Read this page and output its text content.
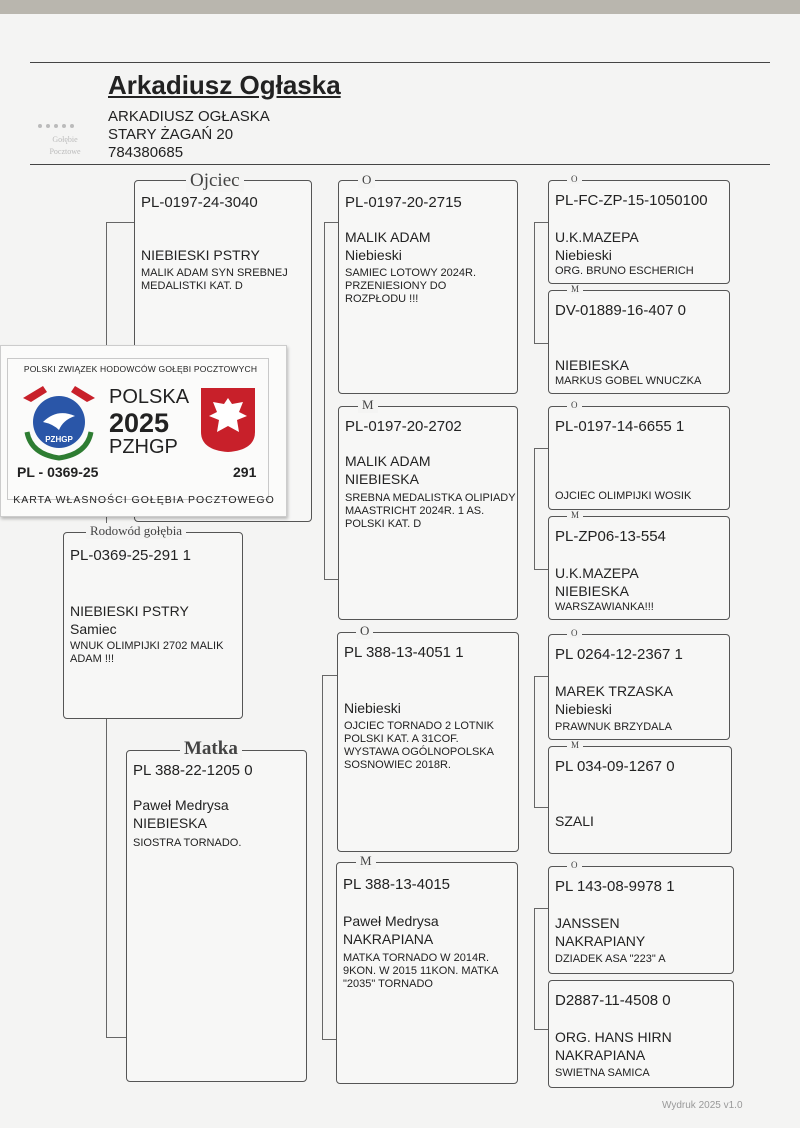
Arkadiusz Ogłaska
ARKADIUSZ OGŁASKA
STARY ŻAGAŃ 20
784380685
Gołębie
Pocztowe
PL-0197-24-3040
NIEBIESKI PSTRY
MALIK ADAM SYN SREBNEJ MEDALISTKI KAT. D
Ojciec
PL-0369-25-291 1
NIEBIESKI PSTRY
Samiec
WNUK OLIMPIJKI 2702 MALIK ADAM !!!
Rodowód gołębia
PL 388-22-1205 0
Paweł Medrysa
NIEBIESKA
SIOSTRA TORNADO.
Matka
PL-0197-20-2715
MALIK ADAM
Niebieski
SAMIEC LOTOWY 2024R. PRZENIESIONY DO ROZPŁODU !!!
O
PL-0197-20-2702
MALIK ADAM
NIEBIESKA
SREBNA MEDALISTKA OLIPIADY MAASTRICHT 2024R. 1 AS. POLSKI KAT. D
M
PL 388-13-4051 1
Niebieski
OJCIEC TORNADO 2 LOTNIK POLSKI KAT. A 31COF. WYSTAWA OGÓLNOPOLSKA SOSNOWIEC 2018R.
O
PL 388-13-4015
Paweł Medrysa
NAKRAPIANA
MATKA TORNADO W 2014R. 9KON. W 2015 11KON. MATKA "2035" TORNADO
M
PL-FC-ZP-15-1050100
U.K.MAZEPA
Niebieski
ORG. BRUNO ESCHERICH
O
DV-01889-16-407 0
NIEBIESKA
MARKUS GOBEL WNUCZKA
M
PL-0197-14-6655 1
OJCIEC OLIMPIJKI WOSIK
O
PL-ZP06-13-554
U.K.MAZEPA
NIEBIESKA
WARSZAWIANKA!!!
M
PL 0264-12-2367 1
MAREK TRZASKA
Niebieski
PRAWNUK BRZYDALA
O
PL 034-09-1267 0
SZALI
M
PL 143-08-9978 1
JANSSEN
NAKRAPIANY
DZIADEK ASA "223" A
O
D2887-11-4508 0
ORG. HANS HIRN
NAKRAPIANA
SWIETNA SAMICA
POLSKI ZWIĄZEK HODOWCÓW GOŁĘBI POCZTOWYCH
PZHGP
POLSKA
2025
PZHGP
PL - 0369-25	291
KARTA WŁASNOŚCI GOŁĘBIA POCZTOWEGO
Wydruk 2025 v1.0
